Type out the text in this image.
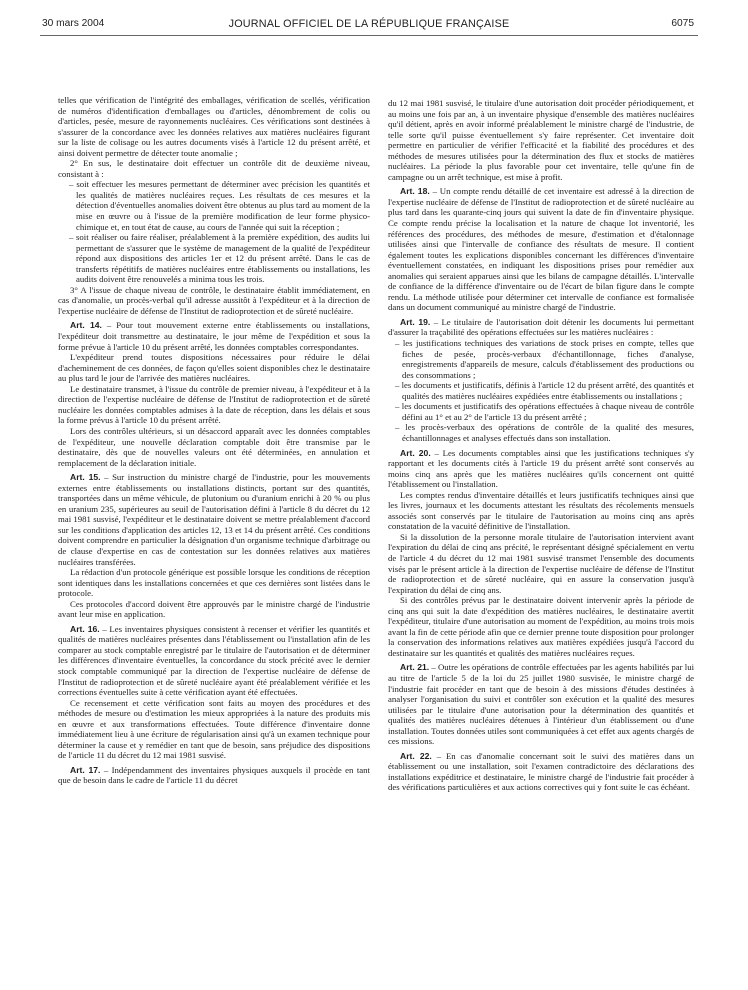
30 mars 2004	JOURNAL OFFICIEL DE LA RÉPUBLIQUE FRANÇAISE	6075

telles que vérification de l'intégrité des emballages, vérification de scellés, vérification de numéros d'identification d'emballages ou d'articles, dénombrement de colis ou d'articles, pesée, mesure de rayonnements nucléaires. Ces vérifications sont destinées à s'assurer de la concordance avec les données relatives aux matières nucléaires figurant sur la liste de colisage ou les autres documents visés à l'article 12 du présent arrêté, et ainsi doivent permettre de détecter toute anomalie ;

2° En sus, le destinataire doit effectuer un contrôle dit de deuxième niveau, consistant à :

– soit effectuer les mesures permettant de déterminer avec précision les quantités et les qualités de matières nucléaires reçues. Les résultats de ces mesures et la détection d'éventuelles anomalies doivent être obtenus au plus tard au moment de la mise en œuvre ou à l'issue de la première modification de leur forme physico-chimique et, en tout état de cause, au cours de l'année qui suit la réception ;
– soit réaliser ou faire réaliser, préalablement à la première expédition, des audits lui permettant de s'assurer que le système de management de la qualité de l'expéditeur répond aux dispositions des articles 1er et 12 du présent arrêté. Dans le cas de transferts répétitifs de matières nucléaires entre établissements ou installations, les audits doivent être renouvelés a minima tous les trois.

3° A l'issue de chaque niveau de contrôle, le destinataire établit immédiatement, en cas d'anomalie, un procès-verbal qu'il adresse aussitôt à l'expéditeur et à la direction de l'expertise nucléaire de défense de l'Institut de radioprotection et de sûreté nucléaire.

Art. 14. – Pour tout mouvement externe entre établissements ou installations, l'expéditeur doit transmettre au destinataire, le jour même de l'expédition et sous la forme prévue à l'article 10 du présent arrêté, les données comptables correspondantes.

L'expéditeur prend toutes dispositions nécessaires pour réduire le délai d'acheminement de ces données, de façon qu'elles soient disponibles chez le destinataire au plus tard le jour de l'arrivée des matières nucléaires.

Le destinataire transmet, à l'issue du contrôle de premier niveau, à l'expéditeur et à la direction de l'expertise nucléaire de défense de l'Institut de radioprotection et de sûreté nucléaire les données comptables admises à la date de réception, dans les délais et sous la forme prévus à l'article 10 du présent arrêté.

Lors des contrôles ultérieurs, si un désaccord apparaît avec les données comptables de l'expéditeur, une nouvelle déclaration comptable doit être transmise par le destinataire, dès que de nouvelles valeurs ont été déterminées, en annulation et remplacement de la déclaration initiale.

Art. 15. – Sur instruction du ministre chargé de l'industrie, pour les mouvements externes entre établissements ou installations distincts, portant sur des quantités, transportées dans un même véhicule, de plutonium ou d'uranium enrichi à 20 % ou plus en uranium 235, supérieures au seuil de l'autorisation défini à l'article 8 du décret du 12 mai 1981 susvisé, l'expéditeur et le destinataire doivent se mettre préalablement d'accord sur les conditions d'application des articles 12, 13 et 14 du présent arrêté. Ces conditions doivent comprendre en particulier la désignation d'un organisme technique d'arbitrage ou de clause d'expertise en cas de contestation sur les données relatives aux matières nucléaires transférées.

La rédaction d'un protocole générique est possible lorsque les conditions de réception sont identiques dans les installations concernées et que ces dernières sont listées dans le protocole.

Ces protocoles d'accord doivent être approuvés par le ministre chargé de l'industrie avant leur mise en application.

Art. 16. – Les inventaires physiques consistent à recenser et vérifier les quantités et qualités de matières nucléaires présentes dans l'établissement ou l'installation afin de les comparer au stock comptable enregistré par le titulaire de l'autorisation et de déterminer les différences d'inventaire éventuelles, la concordance du stock précité avec le dernier stock comptable communiqué par la direction de l'expertise nucléaire de défense de l'Institut de radioprotection et de sûreté nucléaire ayant été préalablement vérifiée et les corrections éventuelles suite à cette vérification ayant été effectuées.

Ce recensement et cette vérification sont faits au moyen des procédures et des méthodes de mesure ou d'estimation les mieux appropriées à la nature des produits mis en œuvre et aux transformations effectuées. Toute différence d'inventaire donne immédiatement lieu à une écriture de régularisation ainsi qu'à un examen technique pour déterminer la cause et y remédier en tant que de besoin, sans préjudice des dispositions de l'article 11 du décret du 12 mai 1981 susvisé.

Art. 17. – Indépendamment des inventaires physiques auxquels il procède en tant que de besoin dans le cadre de l'article 11 du décret

du 12 mai 1981 susvisé, le titulaire d'une autorisation doit procéder périodiquement, et au moins une fois par an, à un inventaire physique d'ensemble des matières nucléaires qu'il détient, après en avoir informé préalablement le ministre chargé de l'industrie, de telle sorte qu'il puisse éventuellement s'y faire représenter. Cet inventaire doit permettre en particulier de vérifier l'efficacité et la fiabilité des procédures et des méthodes de mesures utilisées pour la détermination des flux et stocks de matières nucléaires. La période la plus favorable pour cet inventaire, telle qu'une fin de campagne ou un arrêt technique, est mise à profit.

Art. 18. – Un compte rendu détaillé de cet inventaire est adressé à la direction de l'expertise nucléaire de défense de l'Institut de radioprotection et de sûreté nucléaire au plus tard dans les quarante-cinq jours qui suivent la date de fin d'inventaire physique. Ce compte rendu précise la localisation et la nature de chaque lot inventorié, les références des procédures, des méthodes de mesure, d'estimation et d'étalonnage utilisées ainsi que l'intervalle de confiance des résultats de mesure. Il contient également toutes les explications disponibles concernant les différences d'inventaire éventuellement constatées, en indiquant les dispositions prises pour remédier aux anomalies qui seraient apparues ainsi que les bilans de campagne détaillés. L'intervalle de confiance de la différence d'inventaire ou de l'écart de bilan figure dans le compte rendu. La méthode utilisée pour déterminer cet intervalle de confiance est formalisée dans un document communiqué au ministre chargé de l'industrie.

Art. 19. – Le titulaire de l'autorisation doit détenir les documents lui permettant d'assurer la traçabilité des opérations effectuées sur les matières nucléaires :

– les justifications techniques des variations de stock prises en compte, telles que fiches de pesée, procès-verbaux d'échantillonnage, fiches d'analyse, enregistrements d'appareils de mesure, calculs d'établissement des productions ou des consommations ;
– les documents et justificatifs, définis à l'article 12 du présent arrêté, des quantités et qualités des matières nucléaires expédiées entre établissements ou installations ;
– les documents et justificatifs des opérations effectuées à chaque niveau de contrôle défini au 1° et au 2° de l'article 13 du présent arrêté ;
– les procès-verbaux des opérations de contrôle de la qualité des mesures, échantillonnages et analyses effectués dans son installation.

Art. 20. – Les documents comptables ainsi que les justifications techniques s'y rapportant et les documents cités à l'article 19 du présent arrêté sont conservés au moins cinq ans après que les matières nucléaires qu'ils concernent ont quitté l'établissement ou l'installation.

Les comptes rendus d'inventaire détaillés et leurs justificatifs techniques ainsi que les livres, journaux et les documents attestant les résultats des récolements mensuels associés sont conservés par le titulaire de l'autorisation au moins cinq ans après constatation de la vacuité définitive de l'installation.

Si la dissolution de la personne morale titulaire de l'autorisation intervient avant l'expiration du délai de cinq ans précité, le représentant désigné spécialement en vertu de l'article 4 du décret du 12 mai 1981 susvisé transmet l'ensemble des documents visés par le présent article à la direction de l'expertise nucléaire de défense de l'Institut de radioprotection et de sûreté nucléaire, qui en assure la conservation jusqu'à l'expiration du délai de cinq ans.

Si des contrôles prévus par le destinataire doivent intervenir après la période de cinq ans qui suit la date d'expédition des matières nucléaires, le destinataire avertit l'expéditeur, titulaire d'une autorisation au moment de l'expédition, au moins trois mois avant la fin de cette période afin que ce dernier prenne toute disposition pour prolonger la conservation des informations relatives aux matières expédiées jusqu'à l'accord du destinataire sur les quantités et qualités des matières nucléaires reçues.

Art. 21. – Outre les opérations de contrôle effectuées par les agents habilités par lui au titre de l'article 5 de la loi du 25 juillet 1980 susvisée, le ministre chargé de l'industrie fait procéder en tant que de besoin à des missions d'études destinées à analyser l'organisation du suivi et contrôler son exécution et la qualité des mesures utilisées par le titulaire d'une autorisation pour la détermination des quantités et qualités des matières nucléaires détenues à l'intérieur d'un établissement ou d'une installation. Toutes données utiles sont communiquées à cet effet aux agents chargés de ces missions.

Art. 22. – En cas d'anomalie concernant soit le suivi des matières dans un établissement ou une installation, soit l'examen contradictoire des déclarations des installations expéditrice et destinataire, le ministre chargé de l'industrie fait procéder à des vérifications particulières et aux actions correctives qui y font suite le cas échéant.
